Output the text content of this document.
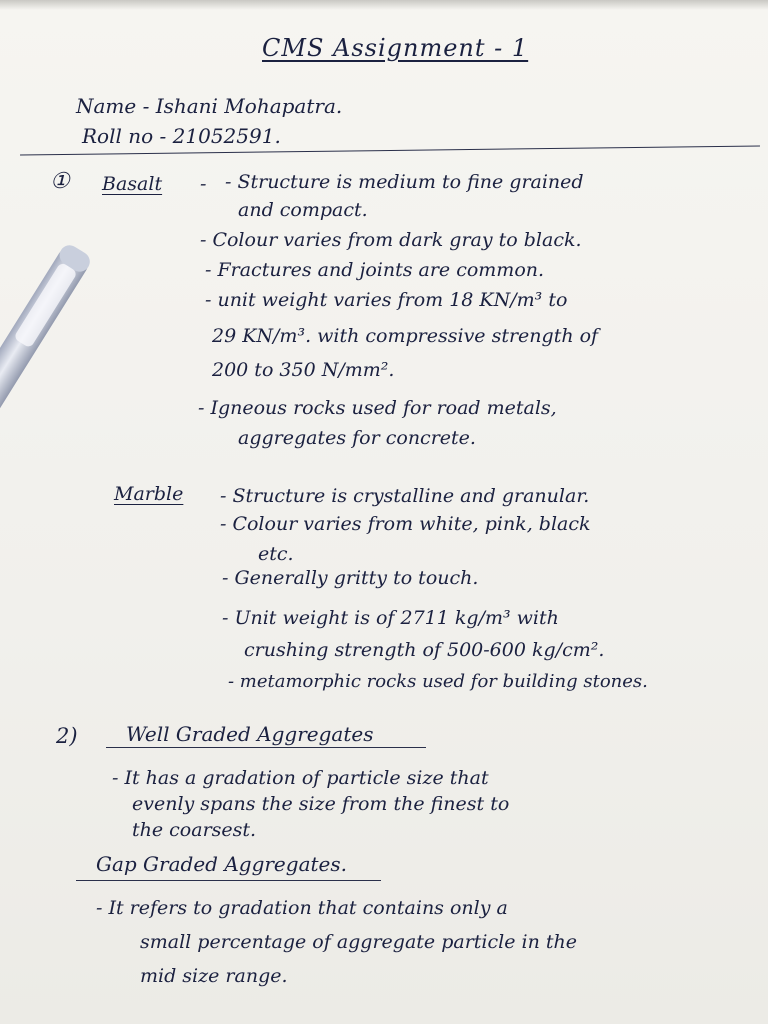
CMS Assignment - 1
Name - Ishani Mohapatra.
Roll no - 21052591.
① Basalt - - Structure is medium to fine grained
and compact.
- Colour varies from dark gray to black.
- Fractures and joints are common.
- unit weight varies from 18 KN/m³ to
29 KN/m³. with compressive strength of
200 to 350 N/mm².
- Igneous rocks used for road metals,
aggregates for concrete.
Marble - Structure is crystalline and granular.
- Colour varies from white, pink, black
etc.
- Generally gritty to touch.
- Unit weight is of 2711 kg/m³ with
crushing strength of 500-600 kg/cm².
- metamorphic rocks used for building stones.
2) Well Graded Aggregates
- It has a gradation of particle size that
evenly spans the size from the finest to
the coarsest.
Gap Graded Aggregates.
- It refers to gradation that contains only a
small percentage of aggregate particle in the
mid size range.
